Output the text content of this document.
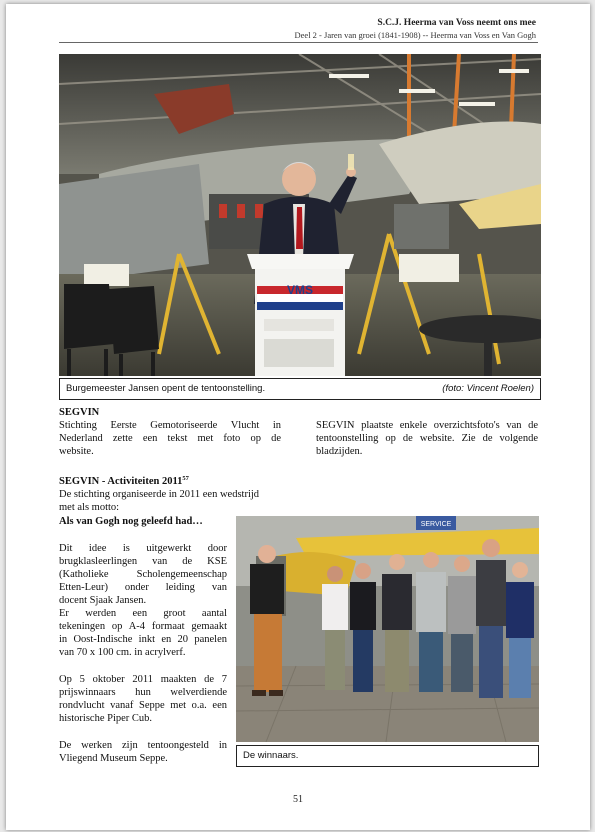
S.C.J. Heerma van Voss neemt ons mee
Deel 2 - Jaren van groei (1841-1908) -- Heerma van Voss en Van Gogh
VMS
Burgemeester Jansen opent de tentoonstelling.	(foto: Vincent Roelen)
SEGVIN
Stichting Eerste Gemotoriseerde Vlucht in
Nederland zette een tekst met foto op de
website.
SEGVIN plaatste enkele overzichtsfoto's van de
tentoonstelling op de website. Zie de volgende
bladzijden.
SEGVIN - Activiteiten 2011$^{57}$
De stichting organiseerde in 2011 een wedstrijd
met als motto:
Als van Gogh nog geleefd had…
Dit idee is uitgewerkt door
brugklasleerlingen van de KSE
(Katholieke Scholengemeenschap
Etten-Leur) onder leiding van
docent Sjaak Jansen.
Er werden een groot aantal
tekeningen op A-4 formaat gemaakt
in Oost-Indische inkt en 20 panelen
van 70 x 100 cm. in acrylverf.
Op 5 oktober 2011 maakten de 7
prijswinnaars hun welverdiende
rondvlucht vanaf Seppe met o.a. een
historische Piper Cub.
De werken zijn tentoongesteld in
Vliegend Museum Seppe.
SERVICE
De winnaars.
51
